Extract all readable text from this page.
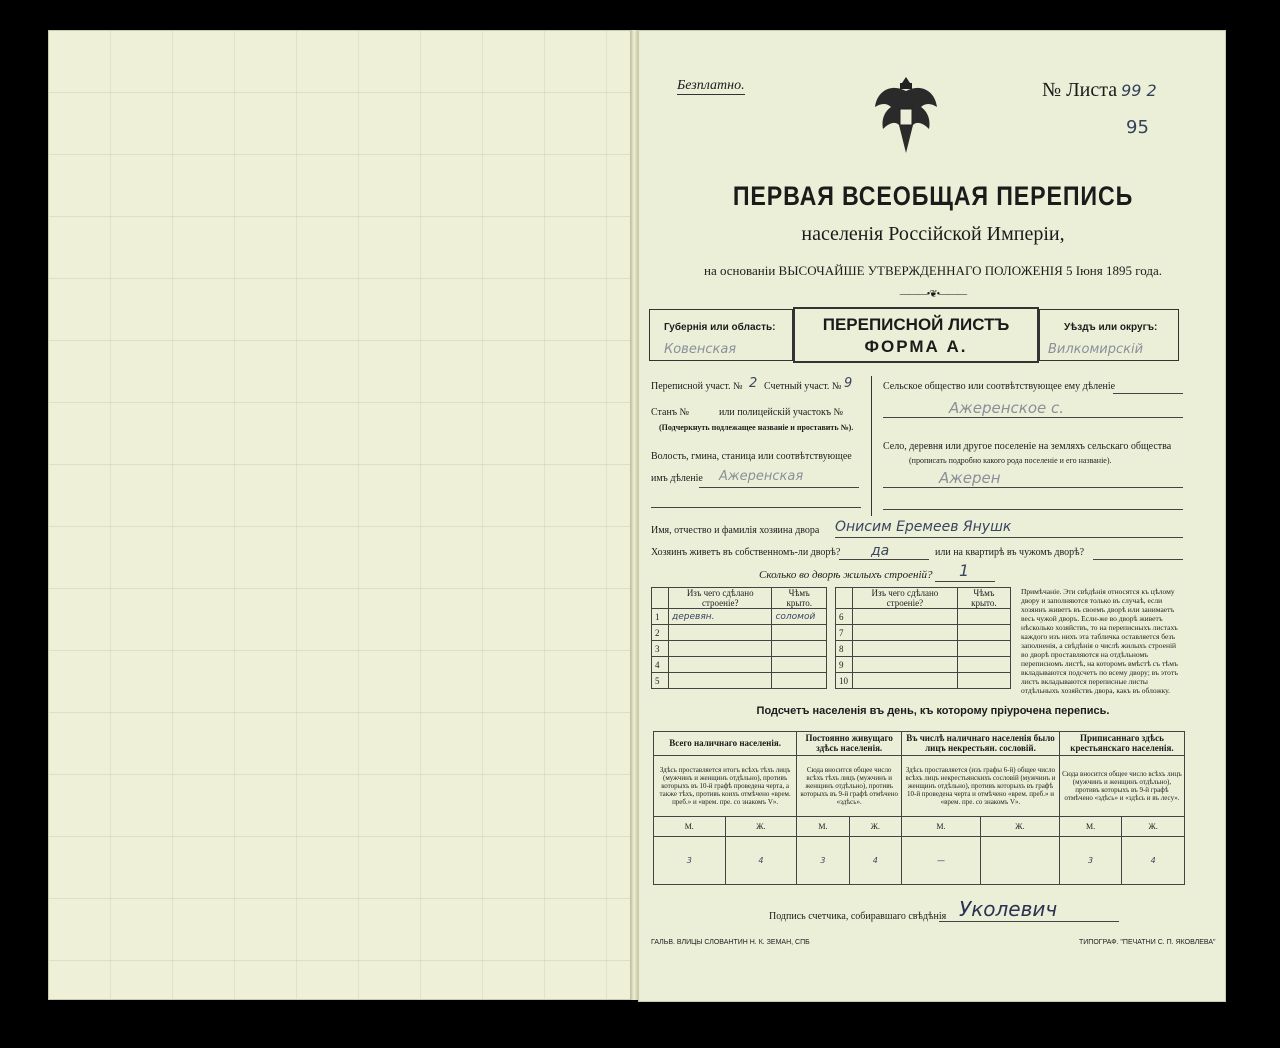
Безплатно.	№ Листа 99 2
95
ПЕРВАЯ ВСЕОБЩАЯ ПЕРЕПИСЬ
населенія Россійской Имперіи,
на основаніи ВЫСОЧАЙШЕ УТВЕРЖДЕННАГО ПОЛОЖЕНІЯ 5 Іюня 1895 года.
———•❦•———
Губернія или область:
Ковенская
ПЕРЕПИСНОЙ ЛИСТЪ
ФОРМА А.
Уѣздъ или округъ:
Вилкомирскій
Переписной участ. № 2 Счетный участ. № 9
Станъ №	или полицейскій участокъ №
(Подчеркнуть подлежащее названіе и проставить №).
Волость, гмина, станица или соотвѣтствующее
имъ дѣленіе Ажеренская
Сельское общество или соотвѣтствующее ему дѣленіе
Ажеренское с.
Село, деревня или другое поселеніе на земляхъ сельскаго общества
(прописать подробно какого рода поселеніе и его названіе).
Ажерен
Имя, отчество и фамилія хозяина двора Онисим Еремеев Янушк
Хозяинъ живетъ въ собственномъ-ли дворѣ? да	или на квартирѣ въ чужомъ дворѣ?
Сколько во дворѣ жилыхъ строеній? 1
	Изъ чего сдѣлано строеніе?	Чѣмъ крыто.
1	деревян.	соломой
2		
3		
4		
5		
	Изъ чего сдѣлано строеніе?	Чѣмъ крыто.
6		
7		
8		
9		
10		
Примѣчаніе. Эти свѣдѣнія относятся къ цѣлому двору и заполняются только въ случаѣ, если хозяинъ живетъ въ своемъ дворѣ или занимаетъ весь чужой дворъ. Если-же во дворѣ живетъ нѣсколько хозяйствъ, то на переписныхъ листахъ каждого изъ нихъ эта табличка оставляется безъ заполненія, а свѣдѣнія о числѣ жилыхъ строеній во дворѣ проставляются на отдѣльномъ переписномъ листѣ, на которомъ вмѣстѣ съ тѣмъ вкладываются подсчетъ по всему двору; въ этотъ листъ вкладываются переписные листы отдѣльныхъ хозяйствъ двора, какъ въ обложку.
Подсчетъ населенія въ день, къ которому пріурочена перепись.
Всего наличнаго населенія.		Постоянно живущаго здѣсь населенія.		Въ числѣ наличнаго населенія было лицъ некрестьян. сословій.		Приписаннаго здѣсь крестьянскаго населенія.	
Здѣсь проставляется итогъ всѣхъ тѣхъ лицъ (мужчинъ и женщинъ отдѣльно), противъ которыхъ въ 10-й графѣ проведена черта, а также тѣхъ, противъ коихъ отмѣчено «врем. преб.» и «врем. пре. со знакомъ V».		Сюда вносится общее число всѣхъ тѣхъ лицъ (мужчинъ и женщинъ отдѣльно), противъ которыхъ въ 9-й графѣ отмѣчено «здѣсь».		Здѣсь проставляется (изъ графы 6-й) общее число всѣхъ лицъ некрестьянскихъ сословій (мужчинъ и женщинъ отдѣльно), противъ которыхъ въ графѣ 10-й проведена черта и отмѣчено «врем. преб.» и «врем. пре. со знакомъ V».		Сюда вносится общее число всѣхъ лицъ (мужчинъ и женщинъ отдѣльно), противъ которыхъ въ 9-й графѣ отмѣчено «здѣсь» и «здѣсь и въ лесу».	
М.	Ж.	М.	Ж.	М.	Ж.	М.	Ж.
3	4	3	4	—		3	4
Подпись счетчика, собиравшаго свѣдѣнія Уколевич
ГАЛЬВ. ВЛИЦЫ СЛОВАНТИН Н. К. ЗЕМАН, СПБ	ТИПОГРАФ. "ПЕЧАТНИ С. П. ЯКОВЛЕВА"
